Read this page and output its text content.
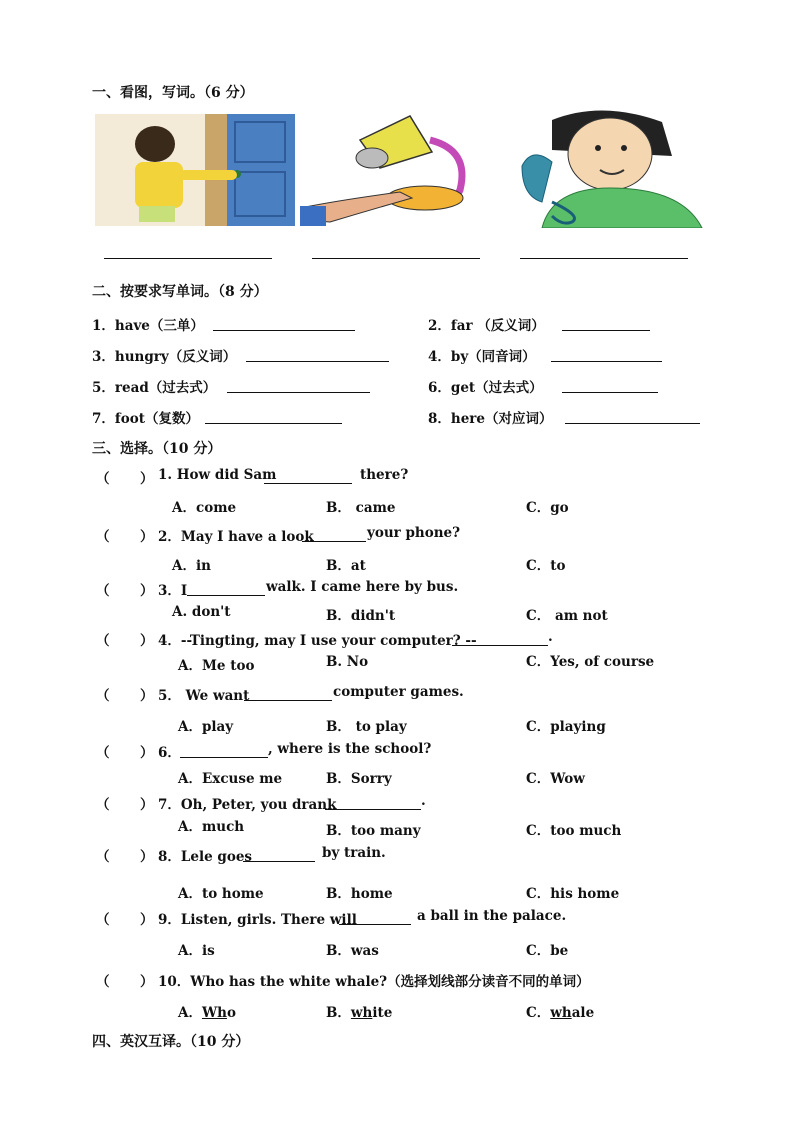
一、看图，写词。（6 分）
二、按要求写单词。（8 分）
1．have（三单）	2．far （反义词）
3．hungry（反义词）	4．by（同音词）
5．read（过去式）	6．get（过去式）
7．foot（复数）	8．here（对应词）
三、选择。（10 分）
（ ） 1. How did Sam	there?
A．come	B． came	C．go
（ ） 2．May I have a look	your phone?
A．in	B．at	C．to
（ ） 3．I	walk. I came here by bus.
A. don't	B．didn't	C． am not
（ ） 4．--Tingting, may I use your computer? --	.
A．Me too	B. No	C．Yes, of course
（ ） 5． We want	computer games.
A．play	B． to play	C．playing
（ ） 6．	, where is the school?
A．Excuse me	B．Sorry	C．Wow
（ ） 7．Oh, Peter, you drank	.
A．much	B．too many	C．too much
（ ） 8．Lele goes	by train.
A．to home	B．home	C．his home
（ ） 9．Listen, girls. There will	a ball in the palace.
A．is	B．was	C．be
（ ） 10．Who has the white whale?（选择划线部分读音不同的单词）
A．Who	B．white	C．whale
四、英汉互译。（10 分）
